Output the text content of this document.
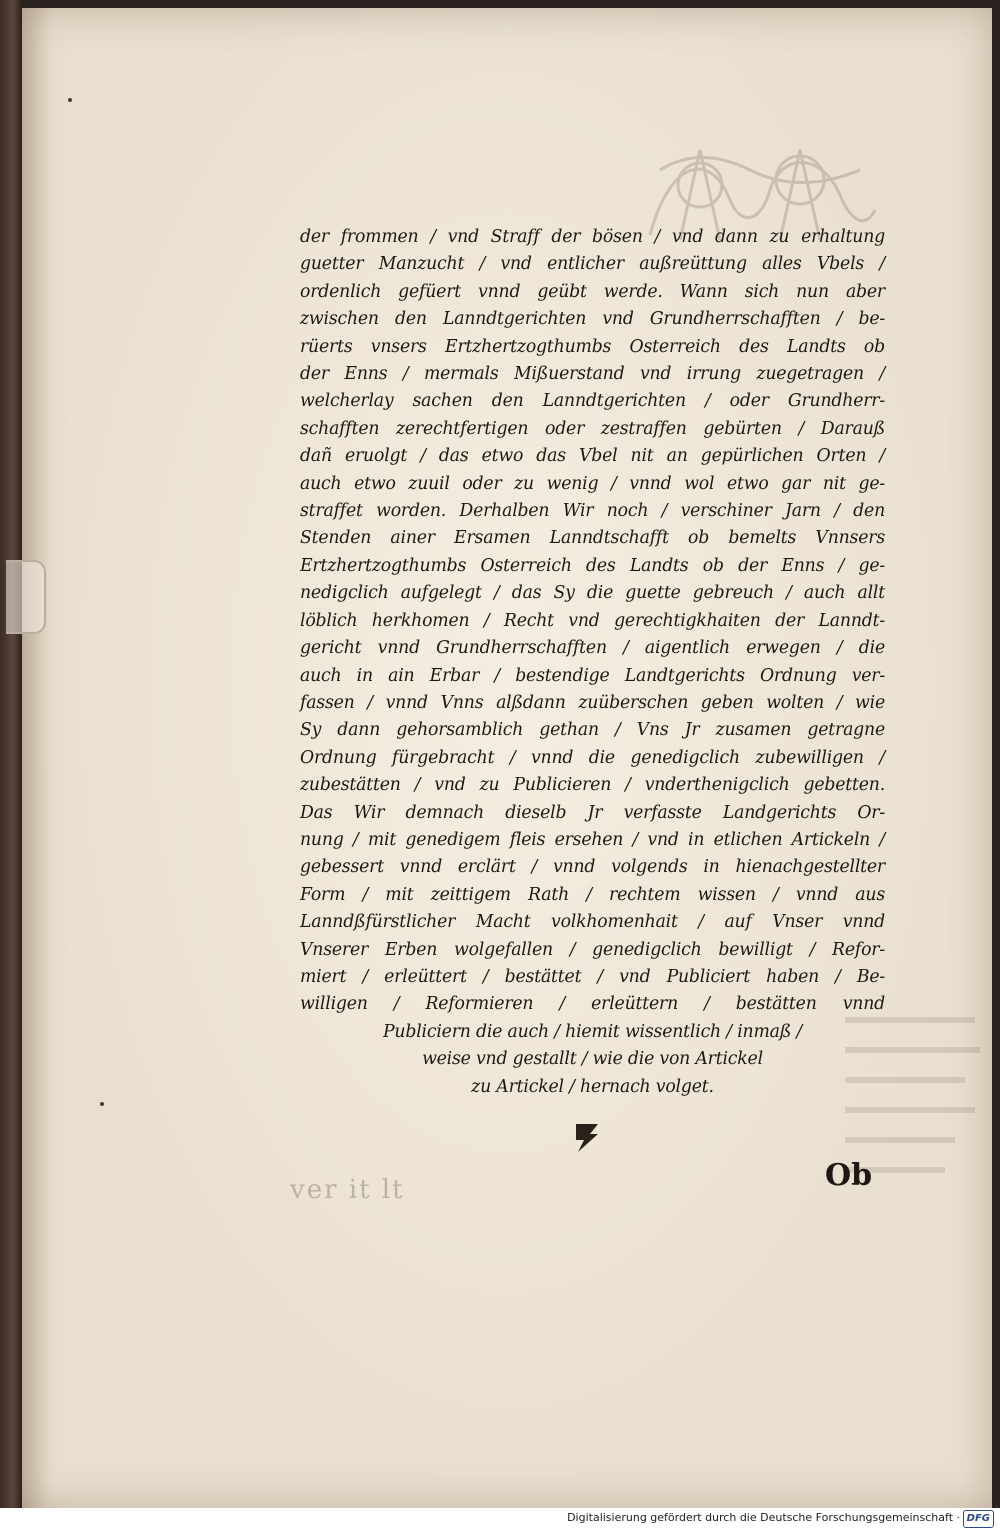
ver it lt
der frommen / vnd Straff der bösen / vnd dann zu erhaltung
guetter Manzucht / vnd entlicher außreüttung alles Vbels /
ordenlich gefüert vnnd geübt werde. Wann sich nun aber
zwischen den Lanndtgerichten vnd Grundherrschafften / be-
rüerts vnsers Ertzhertzogthumbs Osterreich des Landts ob
der Enns / mermals Mißuerstand vnd irrung zuegetragen /
welcherlay sachen den Lanndtgerichten / oder Grundherr-
schafften zerechtfertigen oder zestraffen gebürten / Darauß
dañ eruolgt / das etwo das Vbel nit an gepürlichen Orten /
auch etwo zuuil oder zu wenig / vnnd wol etwo gar nit ge-
straffet worden. Derhalben Wir noch / verschiner Jarn / den
Stenden ainer Ersamen Lanndtschafft ob bemelts Vnnsers
Ertzhertzogthumbs Osterreich des Landts ob der Enns / ge-
nedigclich aufgelegt / das Sy die guette gebreuch / auch allt
löblich herkhomen / Recht vnd gerechtigkhaiten der Lanndt-
gericht vnnd Grundherrschafften / aigentlich erwegen / die
auch in ain Erbar / bestendige Landtgerichts Ordnung ver-
fassen / vnnd Vnns alßdann zuüberschen geben wolten / wie
Sy dann gehorsamblich gethan / Vns Jr zusamen getragne
Ordnung fürgebracht / vnnd die genedigclich zubewilligen /
zubestätten / vnd zu Publicieren / vnderthenigclich gebetten.
Das Wir demnach dieselb Jr verfasste Landgerichts Or-
nung / mit genedigem fleis ersehen / vnd in etlichen Artickeln /
gebessert vnnd erclärt / vnnd volgends in hienachgestellter
Form / mit zeittigem Rath / rechtem wissen / vnnd aus
Lanndßfürstlicher Macht volkhomenhait / auf Vnser vnnd
Vnserer Erben wolgefallen / genedigclich bewilligt / Refor-
miert / erleüttert / bestättet / vnd Publiciert haben / Be-
willigen / Reformieren / erleüttern / bestätten vnnd
Publiciern die auch / hiemit wissentlich / inmaß /
weise vnd gestallt / wie die von Artickel
zu Artickel / hernach volget.
Ob
Digitalisierung gefördert durch die Deutsche Forschungsgemeinschaft · DFG
